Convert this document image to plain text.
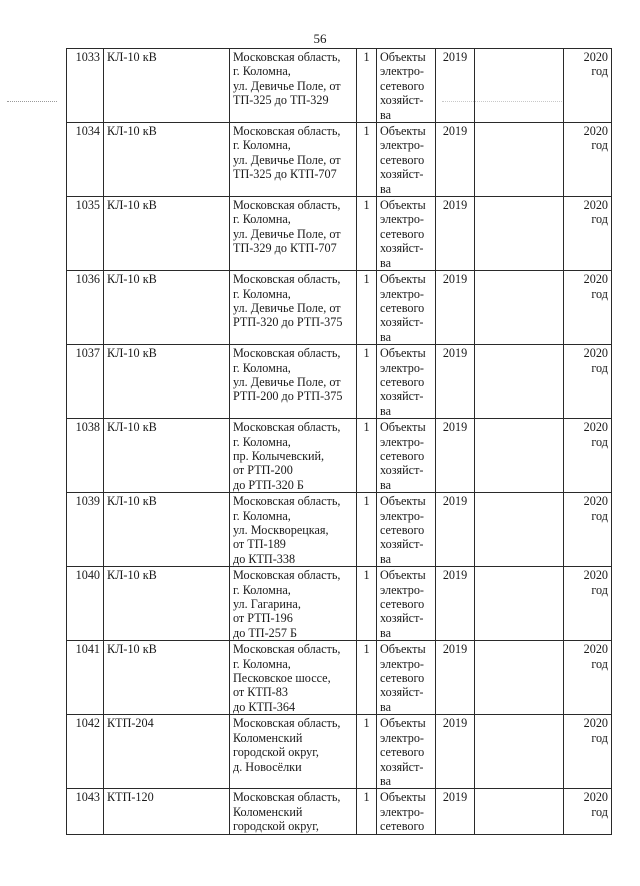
56
1033	КЛ-10 кВ	Московская область,
г. Коломна,
ул. Девичье Поле, от
ТП-325 до ТП-329	1	Объекты
электро-
сетевого
хозяйст-
ва	2019		2020
год
1034	КЛ-10 кВ	Московская область,
г. Коломна,
ул. Девичье Поле, от
ТП-325 до КТП-707	1	Объекты
электро-
сетевого
хозяйст-
ва	2019		2020
год
1035	КЛ-10 кВ	Московская область,
г. Коломна,
ул. Девичье Поле, от
ТП-329 до КТП-707	1	Объекты
электро-
сетевого
хозяйст-
ва	2019		2020
год
1036	КЛ-10 кВ	Московская область,
г. Коломна,
ул. Девичье Поле, от
РТП-320 до РТП-375	1	Объекты
электро-
сетевого
хозяйст-
ва	2019		2020
год
1037	КЛ-10 кВ	Московская область,
г. Коломна,
ул. Девичье Поле, от
РТП-200 до РТП-375	1	Объекты
электро-
сетевого
хозяйст-
ва	2019		2020
год
1038	КЛ-10 кВ	Московская область,
г. Коломна,
пр. Колычевский,
от РТП-200
до РТП-320 Б	1	Объекты
электро-
сетевого
хозяйст-
ва	2019		2020
год
1039	КЛ-10 кВ	Московская область,
г. Коломна,
ул. Москворецкая,
от ТП-189
до КТП-338	1	Объекты
электро-
сетевого
хозяйст-
ва	2019		2020
год
1040	КЛ-10 кВ	Московская область,
г. Коломна,
ул. Гагарина,
от РТП-196
до ТП-257 Б	1	Объекты
электро-
сетевого
хозяйст-
ва	2019		2020
год
1041	КЛ-10 кВ	Московская область,
г. Коломна,
Песковское шоссе,
от КТП-83
до КТП-364	1	Объекты
электро-
сетевого
хозяйст-
ва	2019		2020
год
1042	КТП-204	Московская область,
Коломенский
городской округ,
д. Новосёлки	1	Объекты
электро-
сетевого
хозяйст-
ва	2019		2020
год
1043	КТП-120	Московская область,
Коломенский
городской округ,	1	Объекты
электро-
сетевого	2019		2020
год
